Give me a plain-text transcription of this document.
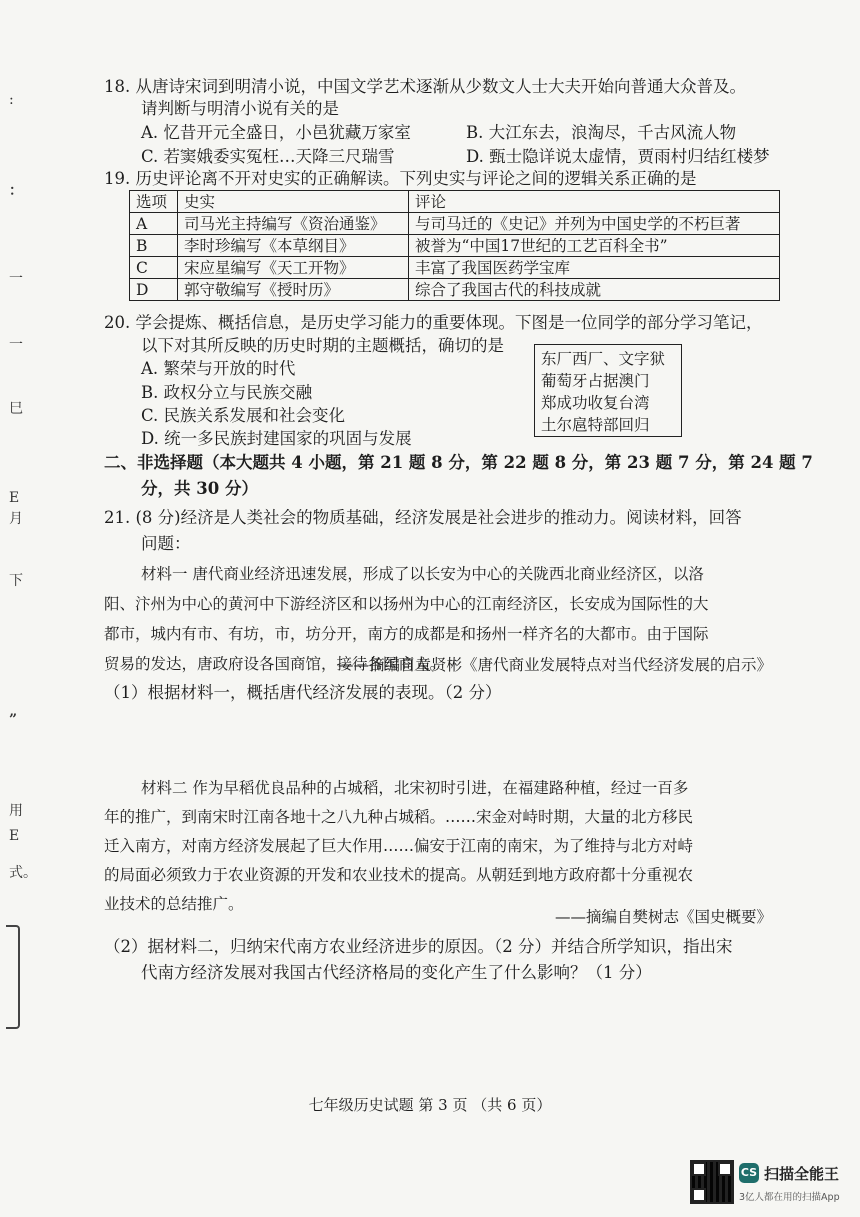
:
：
一
一
巳
E
月
下
”
用
E
式。
18. 从唐诗宋词到明清小说，中国文学艺术逐渐从少数文人士大夫开始向普通大众普及。
请判断与明清小说有关的是
A. 忆昔开元全盛日，小邑犹藏万家室	B. 大江东去，浪淘尽，千古风流人物
C. 若窦娥委实冤枉…天降三尺瑞雪	D. 甄士隐详说太虚情，贾雨村归结红楼梦
19. 历史评论离不开对史实的正确解读。下列史实与评论之间的逻辑关系正确的是
选项	史实	评论
A	司马光主持编写《资治通鉴》	与司马迁的《史记》并列为中国史学的不朽巨著
B	李时珍编写《本草纲目》	被誉为“中国17世纪的工艺百科全书”
C	宋应星编写《天工开物》	丰富了我国医药学宝库
D	郭守敬编写《授时历》	综合了我国古代的科技成就
20. 学会提炼、概括信息，是历史学习能力的重要体现。下图是一位同学的部分学习笔记，
以下对其所反映的历史时期的主题概括，确切的是
A. 繁荣与开放的时代
B. 政权分立与民族交融
C. 民族关系发展和社会变化
D. 统一多民族封建国家的巩固与发展
东厂西厂、文字狱
葡萄牙占据澳门
郑成功收复台湾
土尔扈特部回归
二、非选择题（本大题共 4 小题，第 21 题 8 分，第 22 题 8 分，第 23 题 7 分，第 24 题 7
分，共 30 分）
21. (8 分)经济是人类社会的物质基础，经济发展是社会进步的推动力。阅读材料，回答
问题：
材料一 唐代商业经济迅速发展，形成了以长安为中心的关陇西北商业经济区，以洛
阳、汴州为中心的黄河中下游经济区和以扬州为中心的江南经济区，长安成为国际性的大
都市，城内有市、有坊，市，坊分开，南方的成都是和扬州一样齐名的大都市。由于国际
贸易的发达，唐政府设各国商馆，接待各国商人。
——摘编自童贤彬《唐代商业发展特点对当代经济发展的启示》
（1）根据材料一，概括唐代经济发展的表现。（2 分）
材料二 作为早稻优良品种的占城稻，北宋初时引进，在福建路种植，经过一百多
年的推广，到南宋时江南各地十之八九种占城稻。……宋金对峙时期，大量的北方移民
迁入南方，对南方经济发展起了巨大作用……偏安于江南的南宋，为了维持与北方对峙
的局面必须致力于农业资源的开发和农业技术的提高。从朝廷到地方政府都十分重视农
业技术的总结推广。
——摘编自樊树志《国史概要》
（2）据材料二，归纳宋代南方农业经济进步的原因。（2 分）并结合所学知识，指出宋
代南方经济发展对我国古代经济格局的变化产生了什么影响？（1 分）
七年级历史试题 第 3 页 （共 6 页）
CS 扫描全能王
3亿人都在用的扫描App
